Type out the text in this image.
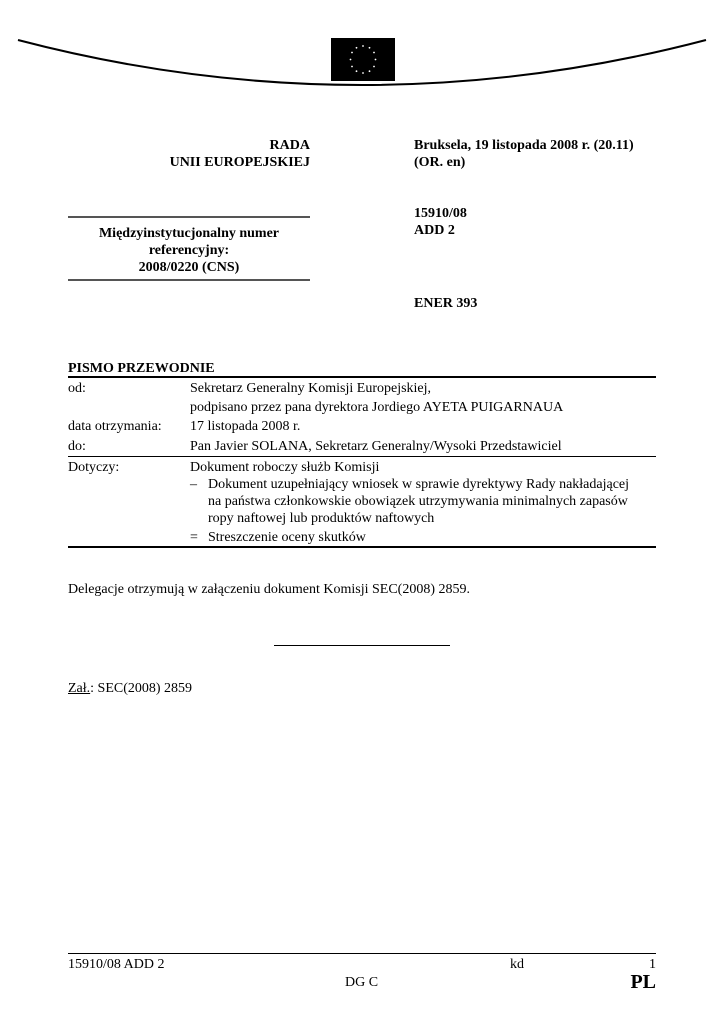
RADA
UNII EUROPEJSKIEJ
Międzyinstytucjonalny numer
referencyjny:
2008/0220 (CNS)
Bruksela, 19 listopada 2008 r. (20.11)
(OR. en)
15910/08
ADD 2
ENER 393
PISMO PRZEWODNIE
od:	Sekretarz Generalny Komisji Europejskiej,
podpisano przez pana dyrektora Jordiego AYETA PUIGARNAUA
data otrzymania: 17 listopada 2008 r.
do:	Pan Javier SOLANA, Sekretarz Generalny/Wysoki Przedstawiciel
Dotyczy:	Dokument roboczy służb Komisji
– Dokument uzupełniający wniosek w sprawie dyrektywy Rady nakładającej
na państwa członkowskie obowiązek utrzymywania minimalnych zapasów
ropy naftowej lub produktów naftowych
= Streszczenie oceny skutków
Delegacje otrzymują w załączeniu dokument Komisji SEC(2008) 2859.
Zał.: SEC(2008) 2859
15910/08 ADD 2	kd	1
DG C	PL
